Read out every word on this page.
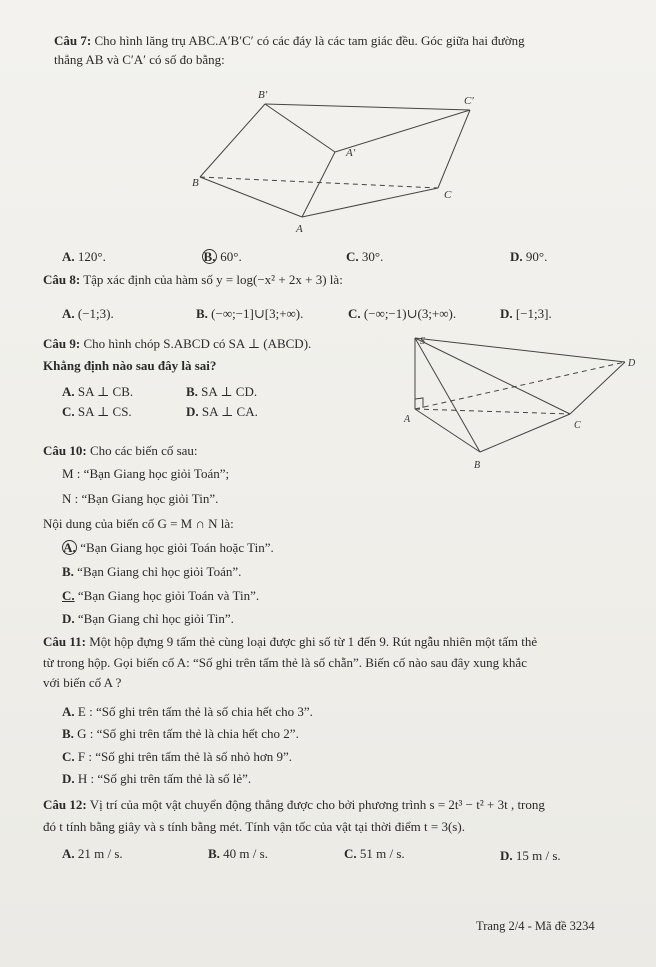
Câu 7: Cho hình lăng trụ ABC.A′B′C′ có các đáy là các tam giác đều. Góc giữa hai đường
thẳng AB và C′A′ có số đo bằng:
B′	C′
A′
B
C
A
A. 120°.	B. 60°.	C. 30°.	D. 90°.
Câu 8: Tập xác định của hàm số y = log(−x² + 2x + 3) là:
A. (−1;3).	B. (−∞;−1]∪[3;+∞).	C. (−∞;−1)∪(3;+∞).	D. [−1;3].
Câu 9: Cho hình chóp S.ABCD có SA ⊥ (ABCD).
Khẳng định nào sau đây là sai?
A. SA ⊥ CB.	B. SA ⊥ CD.
C. SA ⊥ CS.	D. SA ⊥ CA.
S
D
A
C
B
Câu 10: Cho các biến cố sau:
M : “Bạn Giang học giỏi Toán”;
N : “Bạn Giang học giỏi Tin”.
Nội dung của biến cố G = M ∩ N là:
A. “Bạn Giang học giỏi Toán hoặc Tin”.
B. “Bạn Giang chỉ học giỏi Toán”.
C. “Bạn Giang học giỏi Toán và Tin”.
D. “Bạn Giang chỉ học giỏi Tin”.
Câu 11: Một hộp đựng 9 tấm thẻ cùng loại được ghi số từ 1 đến 9. Rút ngẫu nhiên một tấm thẻ
từ trong hộp. Gọi biến cố A: “Số ghi trên tấm thẻ là số chẵn”. Biến cố nào sau đây xung khắc
với biến cố A ?
A. E : “Số ghi trên tấm thẻ là số chia hết cho 3”.
B. G : “Số ghi trên tấm thẻ là chia hết cho 2”.
C. F : “Số ghi trên tấm thẻ là số nhỏ hơn 9”.
D. H : “Số ghi trên tấm thẻ là số lẻ”.
Câu 12: Vị trí của một vật chuyển động thẳng được cho bởi phương trình s = 2t³ − t² + 3t , trong
đó t tính bằng giây và s tính bằng mét. Tính vận tốc của vật tại thời điểm t = 3(s).
A. 21 m / s.	B. 40 m / s.	C. 51 m / s.	D. 15 m / s.
Trang 2/4 - Mã đề 3234
